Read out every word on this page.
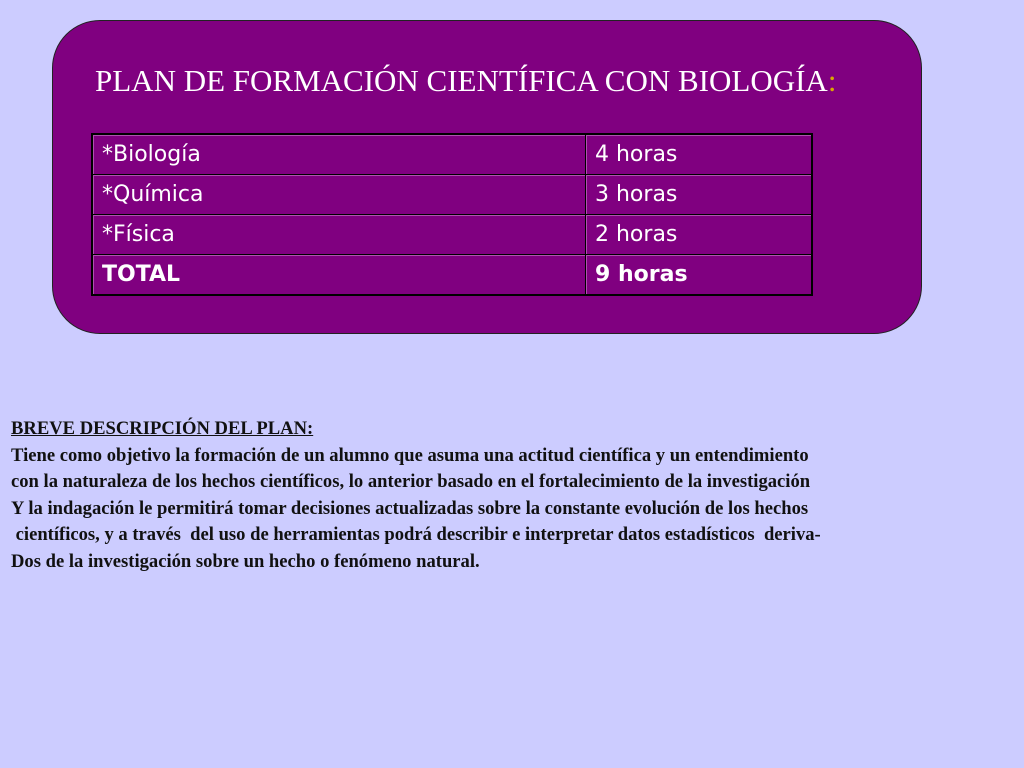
PLAN DE FORMACIÓN CIENTÍFICA CON BIOLOGÍA:
*Biología	4 horas
*Química	3 horas
*Física	2 horas
TOTAL	9 horas
BREVE DESCRIPCIÓN DEL PLAN:
Tiene como objetivo la formación de un alumno que asuma una actitud científica y un entendimiento
con la naturaleza de los hechos científicos, lo anterior basado en el fortalecimiento de la investigación
Y la indagación le permitirá tomar decisiones actualizadas sobre la constante evolución de los hechos
científicos, y a través  del uso de herramientas podrá describir e interpretar datos estadísticos  deriva-
Dos de la investigación sobre un hecho o fenómeno natural.
